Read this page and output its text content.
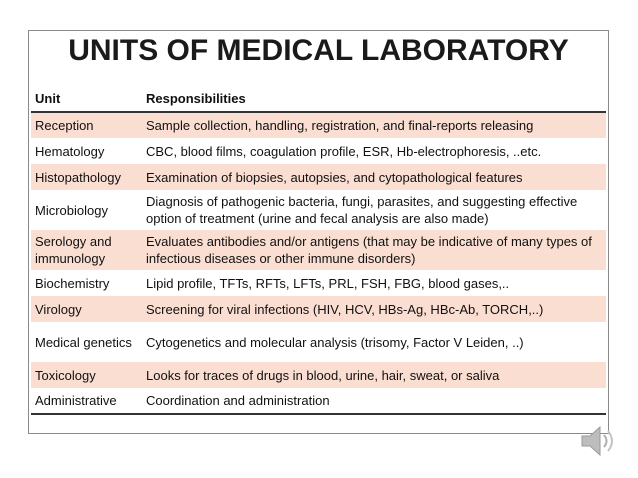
UNITS OF MEDICAL LABORATORY
Unit	Responsibilities
Reception	Sample collection, handling, registration, and final-reports releasing
Hematology	CBC, blood films, coagulation profile, ESR, Hb-electrophoresis, ..etc.
Histopathology	Examination of biopsies, autopsies, and cytopathological features
Microbiology	Diagnosis of pathogenic bacteria, fungi, parasites, and suggesting effective option of treatment (urine and fecal analysis are also made)
Serology and immunology	Evaluates antibodies and/or antigens (that may be indicative of many types of infectious diseases or other immune disorders)
Biochemistry	Lipid profile, TFTs, RFTs, LFTs, PRL, FSH, FBG, blood gases,..
Virology	Screening for viral infections (HIV, HCV, HBs-Ag, HBc-Ab, TORCH,..)
Medical genetics	Cytogenetics and molecular analysis (trisomy, Factor V Leiden, ..)
Toxicology	Looks for traces of drugs in blood, urine, hair, sweat, or saliva
Administrative	Coordination and administration
